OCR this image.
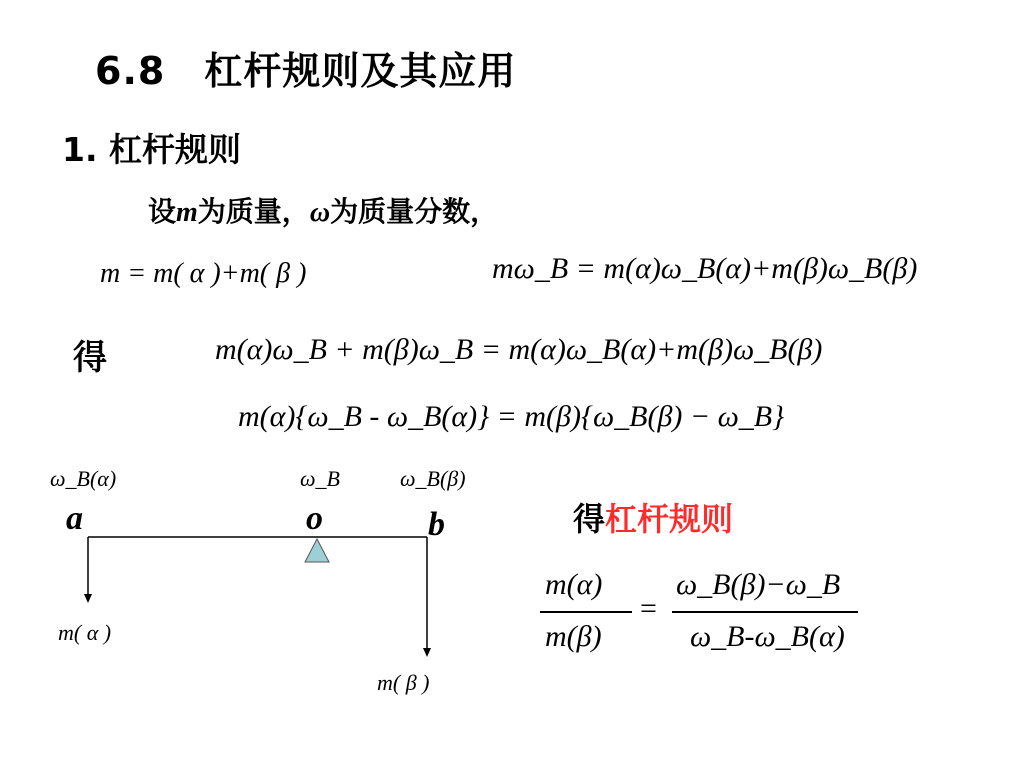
6.8　杠杆规则及其应用
1. 杠杆规则
设m为质量，ω为质量分数，
m = m( α )+m( β )	mω_B = m(α)ω_B(α)+m(β)ω_B(β)
得	m(α)ω_B + m(β)ω_B = m(α)ω_B(α)+m(β)ω_B(β)
m(α){ω_B - ω_B(α)} = m(β){ω_B(β) − ω_B}
ω_B(α)	ω_B	ω_B(β)
a	o	b
m( α )
m( β )
得杠杆规则
m(α)
m(β)
=
ω_B(β)−ω_B
ω_B-ω_B(α)
